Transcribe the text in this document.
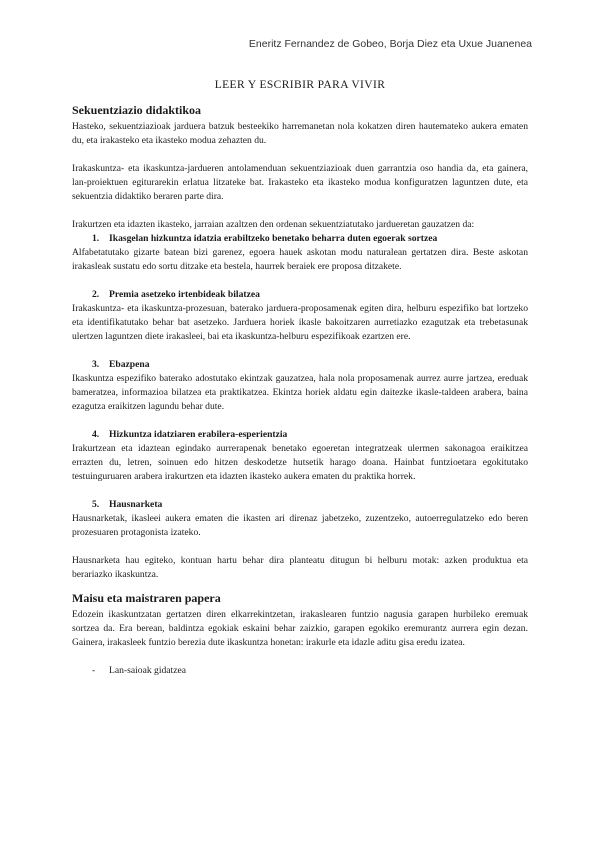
Eneritz Fernandez de Gobeo, Borja Diez eta Uxue Juanenea
LEER Y ESCRIBIR PARA VIVIR
Sekuentziazio didaktikoa

Hasteko, sekuentziazioak jarduera batzuk besteekiko harremanetan nola kokatzen diren hautemateko aukera ematen du, eta irakasteko eta ikasteko modua zehazten du.

Irakaskuntza- eta ikaskuntza-jardueren antolamenduan sekuentziazioak duen garrantzia oso handia da, eta gainera, lan-proiektuen egiturarekin erlatua litzateke bat. Irakasteko eta ikasteko modua konfiguratzen laguntzen dute, eta sekuentzia didaktiko beraren parte dira.

Irakurtzen eta idazten ikasteko, jarraian azaltzen den ordenan sekuentziatutako jardueretan gauzatzen da:

1. Ikasgelan hizkuntza idatzia erabiltzeko benetako beharra duten egoerak sortzea

Alfabetatutako gizarte batean bizi garenez, egoera hauek askotan modu naturalean gertatzen dira. Beste askotan irakasleak sustatu edo sortu ditzake eta bestela, haurrek beraiek ere proposa ditzakete.

2. Premia asetzeko irtenbideak bilatzea

Irakaskuntza- eta ikaskuntza-prozesuan, baterako jarduera-proposamenak egiten dira, helburu espezifiko bat lortzeko eta identifikatutako behar bat asetzeko. Jarduera horiek ikasle bakoitzaren aurretiazko ezagutzak eta trebetasunak ulertzen laguntzen diete irakasleei, bai eta ikaskuntza-helburu espezifikoak ezartzen ere.

3. Ebazpena

Ikaskuntza espezifiko baterako adostutako ekintzak gauzatzea, hala nola proposamenak aurrez aurre jartzea, ereduak bameratzea, informazioa bilatzea eta praktikatzea. Ekintza horiek aldatu egin daitezke ikasle-taldeen arabera, baina ezagutza eraikitzen lagundu behar dute.

4. Hizkuntza idatziaren erabilera-esperientzia

Irakurtzean eta idaztean egindako aurrerapenak benetako egoeretan integratzeak ulermen sakonagoa eraikitzea errazten du, letren, soinuen edo hitzen deskodetze hutsetik harago doana. Hainbat funtzioetara egokitutako testuinguruaren arabera irakurtzen eta idazten ikasteko aukera ematen du praktika horrek.

5. Hausnarketa

Hausnarketak, ikasleei aukera ematen die ikasten ari direnaz jabetzeko, zuzentzeko, autoerregulatzeko edo beren prozesuaren protagonista izateko.

Hausnarketa hau egiteko, kontuan hartu behar dira planteatu ditugun bi helburu motak: azken produktua eta berariazko ikaskuntza.

Maisu eta maistraren papera

Edozein ikaskuntzatan gertatzen diren elkarrekintzetan, irakaslearen funtzio nagusia garapen hurbileko eremuak sortzea da. Era berean, baldintza egokiak eskaini behar zaizkio, garapen egokiko eremurantz aurrera egin dezan. Gainera, irakasleek funtzio berezia dute ikaskuntza honetan: irakurle eta idazle aditu gisa eredu izatea.

- Lan-saioak gidatzea
